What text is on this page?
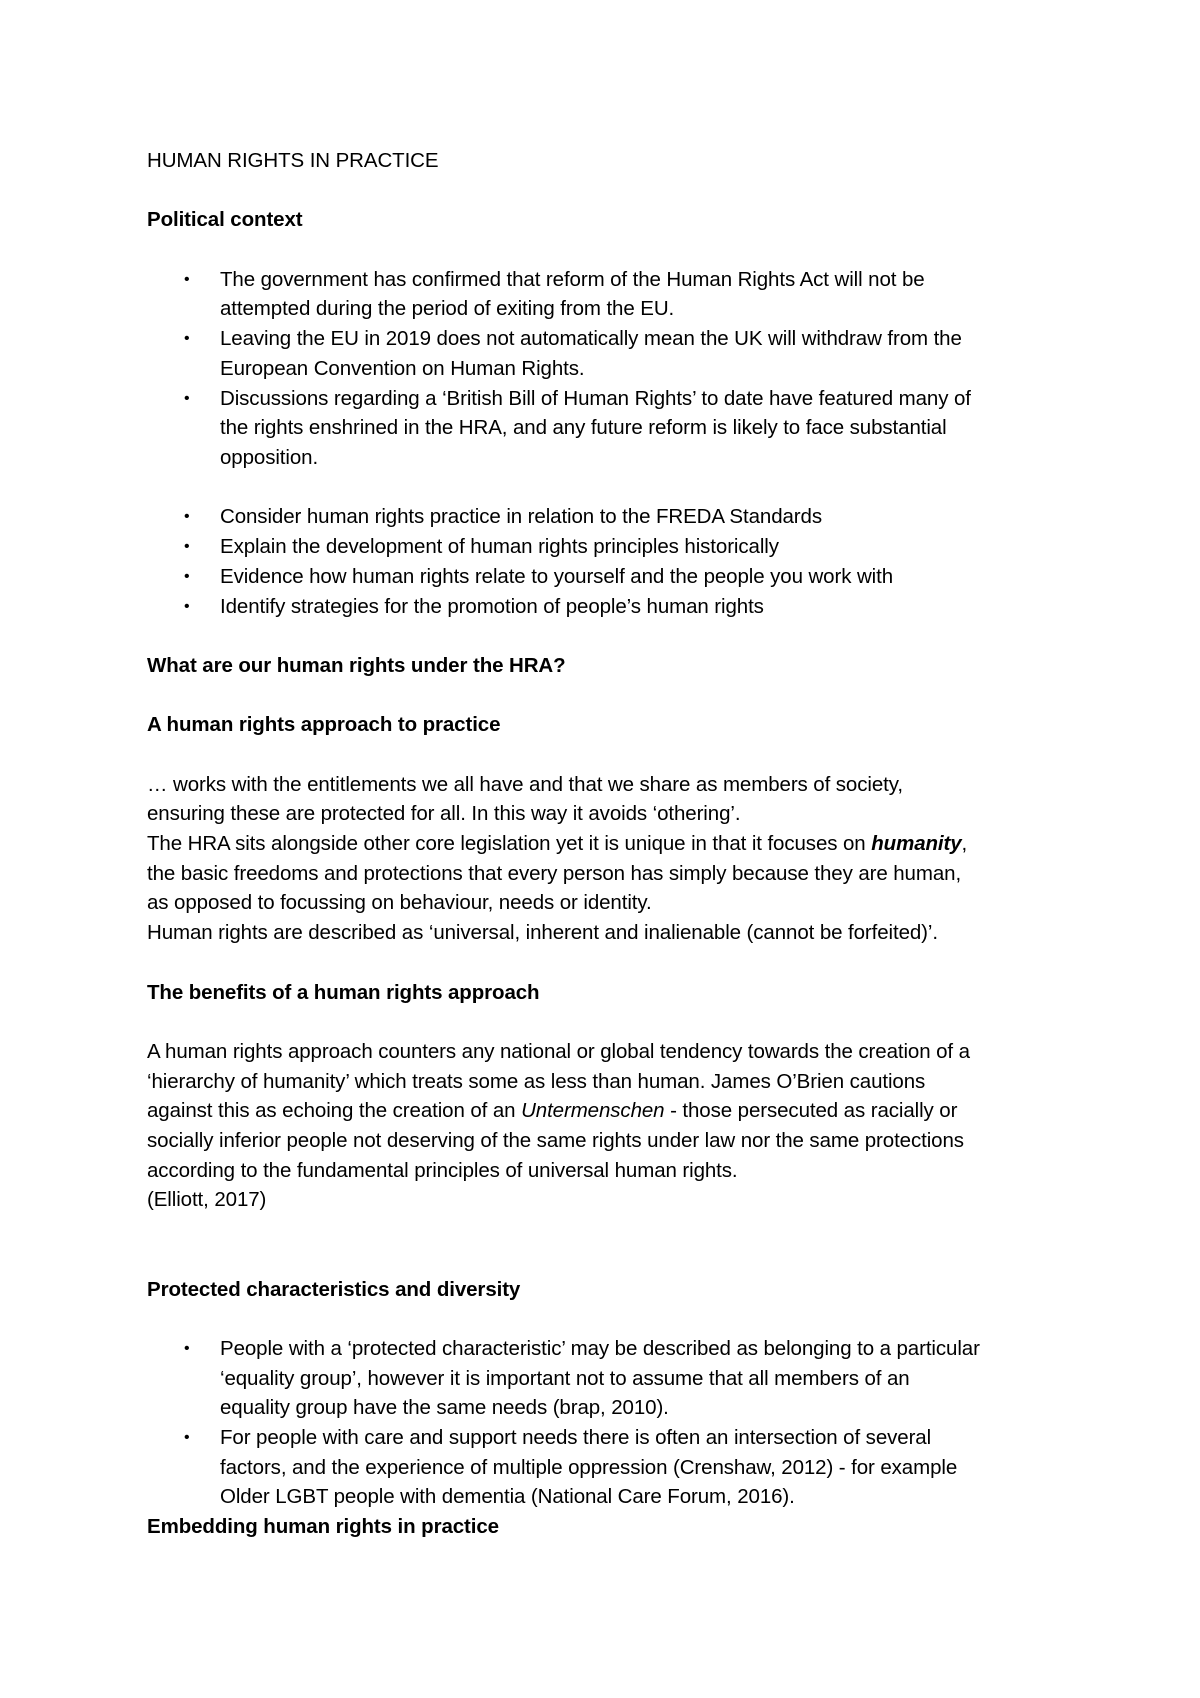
HUMAN RIGHTS IN PRACTICE
Political context
• The government has confirmed that reform of the Human Rights Act will not be
attempted during the period of exiting from the EU.
• Leaving the EU in 2019 does not automatically mean the UK will withdraw from the
European Convention on Human Rights.
• Discussions regarding a ‘British Bill of Human Rights’ to date have featured many of
the rights enshrined in the HRA, and any future reform is likely to face substantial
opposition.
• Consider human rights practice in relation to the FREDA Standards
• Explain the development of human rights principles historically
• Evidence how human rights relate to yourself and the people you work with
• Identify strategies for the promotion of people’s human rights
What are our human rights under the HRA?
A human rights approach to practice
… works with the entitlements we all have and that we share as members of society,
ensuring these are protected for all. In this way it avoids ‘othering’.
The HRA sits alongside other core legislation yet it is unique in that it focuses on humanity,
the basic freedoms and protections that every person has simply because they are human,
as opposed to focussing on behaviour, needs or identity.
Human rights are described as ‘universal, inherent and inalienable (cannot be forfeited)’.
The benefits of a human rights approach
A human rights approach counters any national or global tendency towards the creation of a
‘hierarchy of humanity’ which treats some as less than human. James O’Brien cautions
against this as echoing the creation of an Untermenschen - those persecuted as racially or
socially inferior people not deserving of the same rights under law nor the same protections
according to the fundamental principles of universal human rights.
(Elliott, 2017)
Protected characteristics and diversity
• People with a ‘protected characteristic’ may be described as belonging to a particular
‘equality group’, however it is important not to assume that all members of an
equality group have the same needs (brap, 2010).
• For people with care and support needs there is often an intersection of several
factors, and the experience of multiple oppression (Crenshaw, 2012) - for example
Older LGBT people with dementia (National Care Forum, 2016).
Embedding human rights in practice
